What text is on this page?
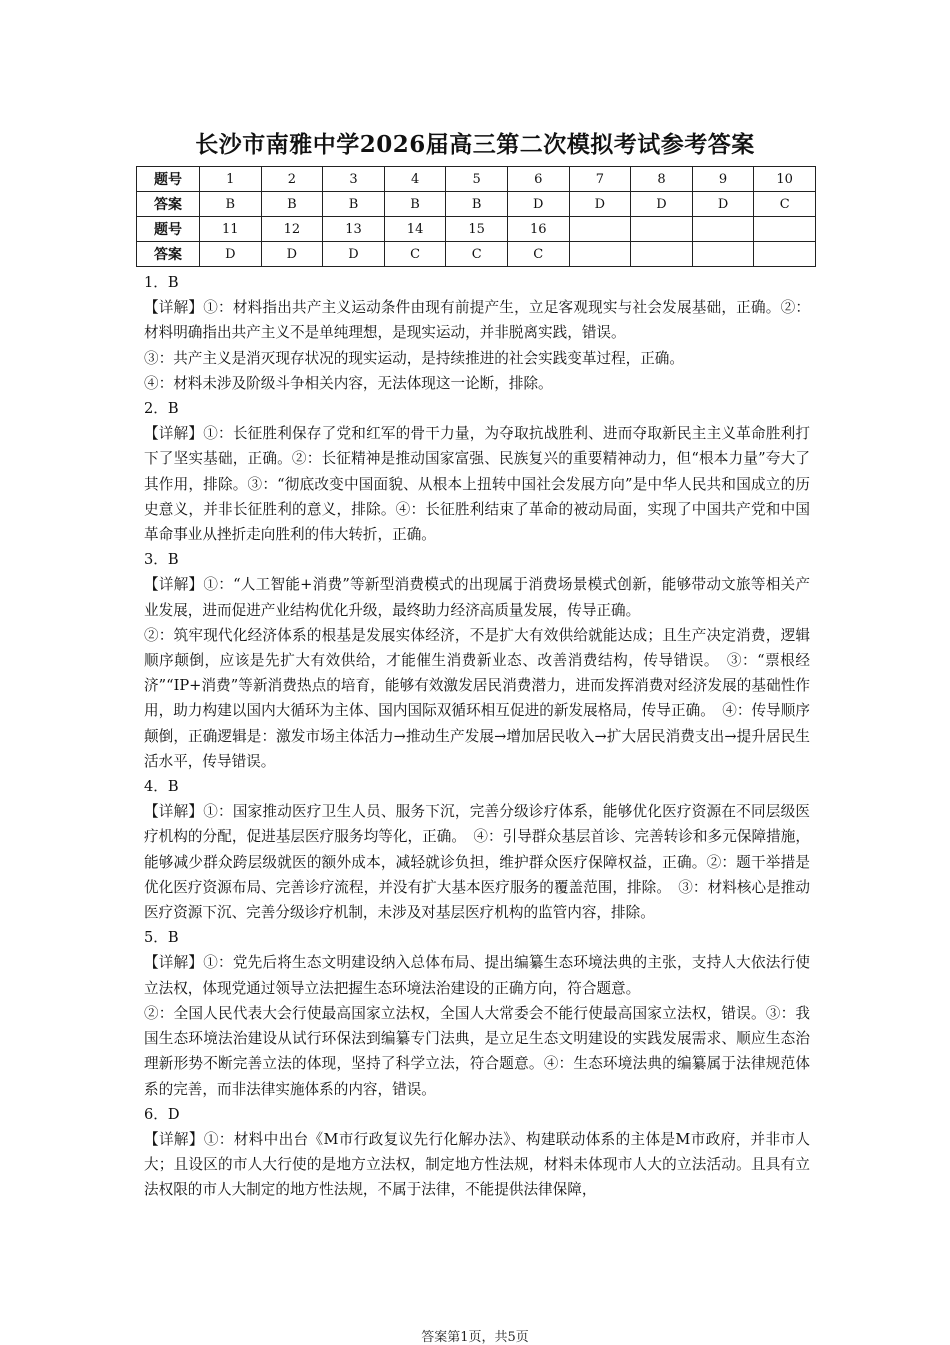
长沙市南雅中学2026届高三第二次模拟考试参考答案
题号	1	2	3	4	5	6	7	8	9	10
答案	B	B	B	B	B	D	D	D	D	C
题号	11	12	13	14	15	16				
答案	D	D	D	C	C	C				

1．B

【详解】①：材料指出共产主义运动条件由现有前提产生，立足客观现实与社会发展基础，正确。②：材料明确指出共产主义不是单纯理想，是现实运动，并非脱离实践，错误。

③：共产主义是消灭现存状况的现实运动，是持续推进的社会实践变革过程，正确。

④：材料未涉及阶级斗争相关内容，无法体现这一论断，排除。

2．B

【详解】①：长征胜利保存了党和红军的骨干力量，为夺取抗战胜利、进而夺取新民主主义革命胜利打下了坚实基础，正确。②：长征精神是推动国家富强、民族复兴的重要精神动力，但“根本力量”夸大了其作用，排除。③：“彻底改变中国面貌、从根本上扭转中国社会发展方向”是中华人民共和国成立的历史意义，并非长征胜利的意义，排除。④：长征胜利结束了革命的被动局面，实现了中国共产党和中国革命事业从挫折走向胜利的伟大转折，正确。

3．B

【详解】①：“人工智能+消费”等新型消费模式的出现属于消费场景模式创新，能够带动文旅等相关产业发展，进而促进产业结构优化升级，最终助力经济高质量发展，传导正确。

②：筑牢现代化经济体系的根基是发展实体经济，不是扩大有效供给就能达成；且生产决定消费，逻辑顺序颠倒，应该是先扩大有效供给，才能催生消费新业态、改善消费结构，传导错误。　③：“票根经济”“IP+消费”等新消费热点的培育，能够有效激发居民消费潜力，进而发挥消费对经济发展的基础性作用，助力构建以国内大循环为主体、国内国际双循环相互促进的新发展格局，传导正确。　④：传导顺序颠倒，正确逻辑是：激发市场主体活力→推动生产发展→增加居民收入→扩大居民消费支出→提升居民生活水平，传导错误。

4．B

【详解】①：国家推动医疗卫生人员、服务下沉，完善分级诊疗体系，能够优化医疗资源在不同层级医疗机构的分配，促进基层医疗服务均等化，正确。　④：引导群众基层首诊、完善转诊和多元保障措施，能够减少群众跨层级就医的额外成本，减轻就诊负担，维护群众医疗保障权益，正确。②：题干举措是优化医疗资源布局、完善诊疗流程，并没有扩大基本医疗服务的覆盖范围，排除。　③：材料核心是推动医疗资源下沉、完善分级诊疗机制，未涉及对基层医疗机构的监管内容，排除。

5．B

【详解】①：党先后将生态文明建设纳入总体布局、提出编纂生态环境法典的主张，支持人大依法行使立法权，体现党通过领导立法把握生态环境法治建设的正确方向，符合题意。

②：全国人民代表大会行使最高国家立法权，全国人大常委会不能行使最高国家立法权，错误。③：我国生态环境法治建设从试行环保法到编纂专门法典，是立足生态文明建设的实践发展需求、顺应生态治理新形势不断完善立法的体现，坚持了科学立法，符合题意。④：生态环境法典的编纂属于法律规范体系的完善，而非法律实施体系的内容，错误。

6．D

【详解】①：材料中出台《M市行政复议先行化解办法》、构建联动体系的主体是M市政府，并非市人大；且设区的市人大行使的是地方立法权，制定地方性法规，材料未体现市人大的立法活动。且具有立法权限的市人大制定的地方性法规，不属于法律，不能提供法律保障，

答案第1页，共5页
